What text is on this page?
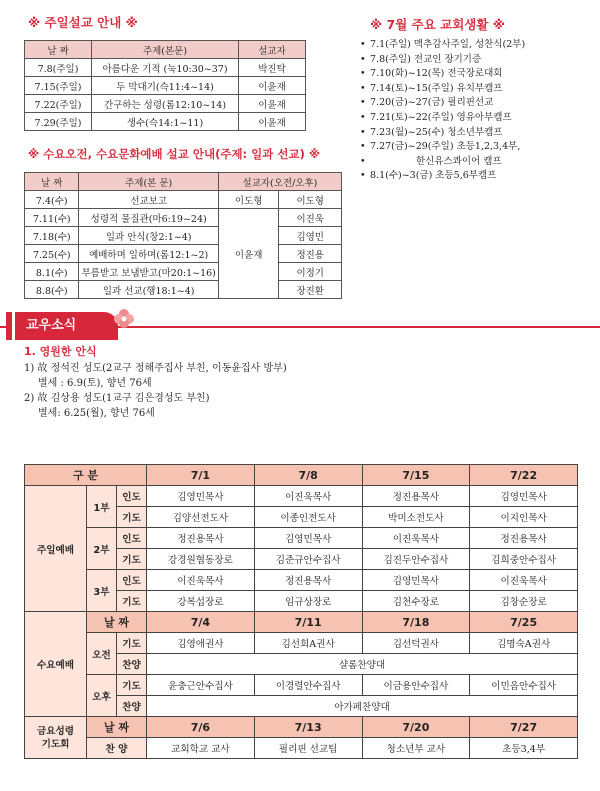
※ 주일설교 안내 ※
날 짜	주제(본문)	설교자
7.8(주일)	아름다운 기적 (눅10:30~37)	박진탁
7.15(주일)	두 막대기(슥11:4~14)	이윤재
7.22(주일)	간구하는 성령(롬12:10~14)	이윤재
7.29(주일)	생수(슥14:1~11)	이윤재
※ 수요오전, 수요문화예배 설교 안내(주제: 일과 선교) ※
날 짜	주제(본 문)	설교자(오전/오후)	
7.4(수)	선교보고	이도형	이도형
7.11(수)	성령적 물질관(마6:19~24)	이윤재	이진욱
7.18(수)	일과 안식(창2:1~4)		김영민
7.25(수)	예배하며 일하며(롬12:1~2)		정진용
8.1(수)	부름받고 보냄받고(마20:1~16)		이정기
8.8(수)	일과 선교(행18:1~4)		장진환
※ 7월 주요 교회생활 ※
• 7.1(주일) 맥추감사주일, 성찬식(2부)
• 7.8(주일) 전교인 장기기증
• 7.10(화)~12(목) 전국장로대회
• 7.14(토)~15(주일) 유치부캠프
• 7.20(금)~27(금) 필리핀선교
• 7.21(토)~22(주일) 영유아부캠프
• 7.23(월)~25(수) 청소년부캠프
• 7.27(금)~29(주일) 초등1,2,3,4부,
• 한신유스콰이어 캠프
• 8.1(수)~3(금) 초등5,6부캠프
교우소식
1. 영원한 안식
1) 故 정석진 성도(2교구 정해주집사 부친, 이동윤집사 방부)
별세 : 6.9(토), 향년 76세
2) 故 김상용 성도(1교구 김은경성도 부친)
별세: 6.25(월), 향년 76세
구 분			7/1	7/8	7/15	7/22
주일예배	1부	인도	김영민목사	이진욱목사	정진용목사	김영민목사
		기도	김양선전도사	이종인전도사	박미소전도사	이지인목사
	2부	인도	정진용목사	김영민목사	이진욱목사	정진용목사
		기도	강경원협동장로	김준규안수집사	김진두안수집사	김희중안수집사
	3부	인도	이진욱목사	정진용목사	김영민목사	이진욱목사
		기도	강복섭장로	임규상장로	김천수장로	김창순장로
수요예배	날 짜		7/4	7/11	7/18	7/25
	오전	기도	김영애권사	김선희A권사	김선덕권사	김명숙A권사
		찬양	샬롬찬양대			
	오후	기도	윤충근안수집사	이경렬안수집사	이금용안수집사	이민음안수집사
		찬양	아가페찬양대			
금요성령
기도회	날 짜		7/6	7/13	7/20	7/27
	찬 양		교회학교 교사	필리핀 선교팀	청소년부 교사	초등3,4부
